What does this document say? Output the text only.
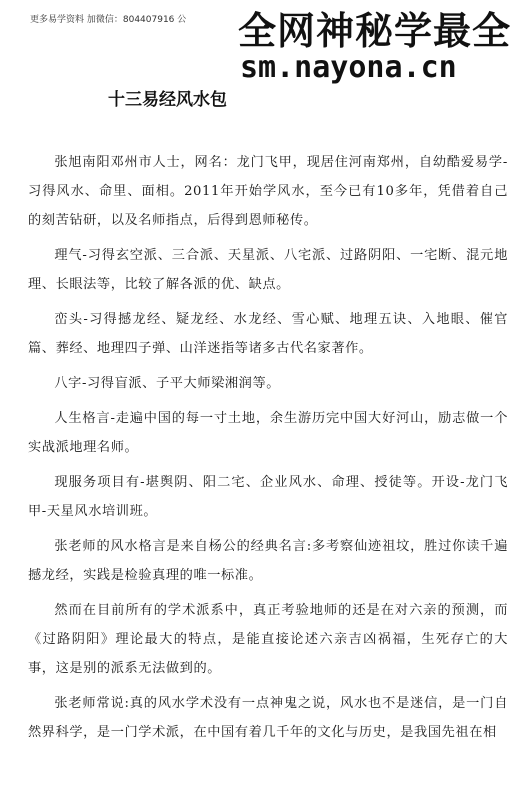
更多易学资料 加微信：804407916 公	全网神秘学最全
sm.nayona.cn
十三易经风水包

张旭南阳邓州市人士，网名：龙门飞甲，现居住河南郑州，自幼酷爱易学-习得风水、命里、面相。2011年开始学风水，至今已有10多年，凭借着自己的刻苦钻研，以及名师指点，后得到恩师秘传。

理气-习得玄空派、三合派、天星派、八宅派、过路阴阳、一宅断、混元地理、长眼法等，比较了解各派的优、缺点。

峦头-习得撼龙经、疑龙经、水龙经、雪心赋、地理五诀、入地眼、催官篇、葬经、地理四子弹、山洋迷指等诸多古代名家著作。

八字-习得盲派、子平大师梁湘润等。

人生格言-走遍中国的每一寸土地，余生游历完中国大好河山，励志做一个实战派地理名师。

现服务项目有-堪舆阴、阳二宅、企业风水、命理、授徒等。开设-龙门飞甲-天星风水培训班。

张老师的风水格言是来自杨公的经典名言:多考察仙迹祖坟，胜过你读千遍撼龙经，实践是检验真理的唯一标准。

然而在目前所有的学术派系中，真正考验地师的还是在对六亲的预测，而《过路阴阳》理论最大的特点，是能直接论述六亲吉凶祸福，生死存亡的大事，这是别的派系无法做到的。

张老师常说:真的风水学术没有一点神鬼之说，风水也不是迷信，是一门自然界科学，是一门学术派，在中国有着几千年的文化与历史，是我国先祖在相
